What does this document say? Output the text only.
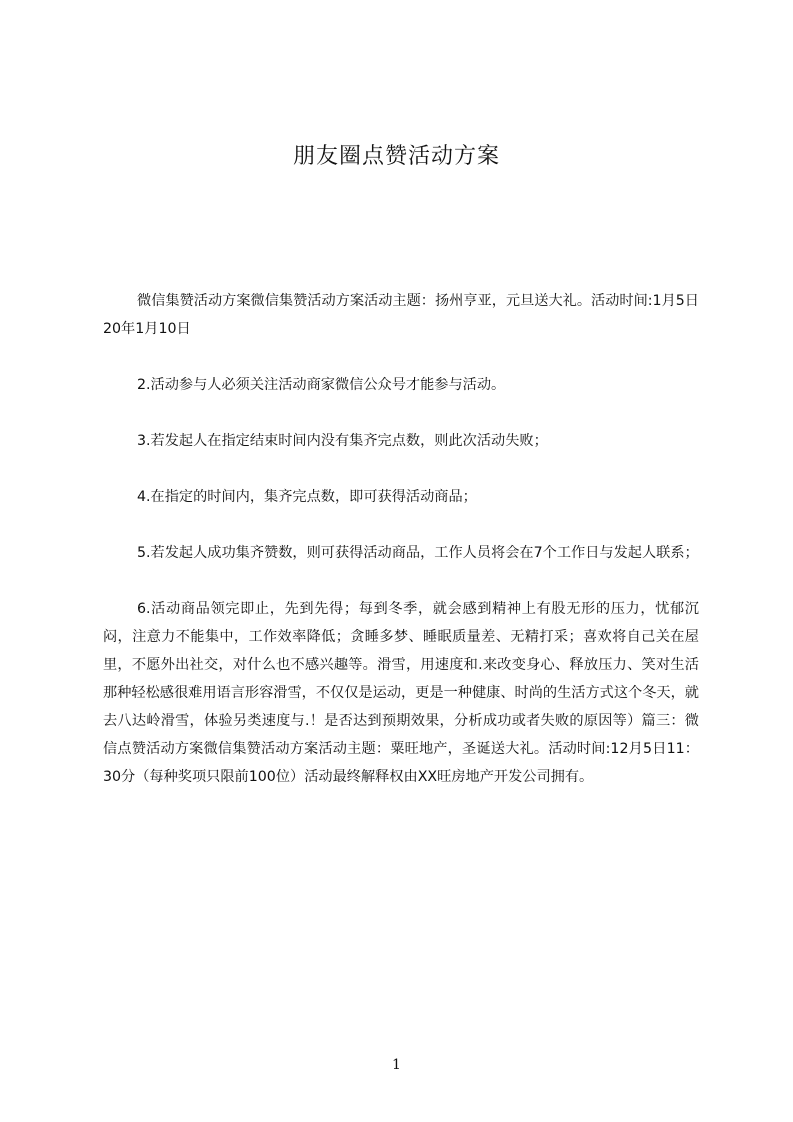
朋友圈点赞活动方案

微信集赞活动方案微信集赞活动方案活动主题：扬州亨亚，元旦送大礼。活动时间:1月5日20年1月10日

2.活动参与人必须关注活动商家微信公众号才能参与活动。

3.若发起人在指定结束时间内没有集齐完点数，则此次活动失败；

4.在指定的时间内，集齐完点数，即可获得活动商品；

5.若发起人成功集齐赞数，则可获得活动商品，工作人员将会在7个工作日与发起人联系；

6.活动商品领完即止，先到先得；每到冬季，就会感到精神上有股无形的压力，忧郁沉闷，注意力不能集中，工作效率降低；贪睡多梦、睡眠质量差、无精打采；喜欢将自己关在屋里，不愿外出社交，对什么也不感兴趣等。滑雪，用速度和.来改变身心、释放压力、笑对生活那种轻松感很难用语言形容滑雪，不仅仅是运动，更是一种健康、时尚的生活方式这个冬天，就去八达岭滑雪，体验另类速度与.！是否达到预期效果，分析成功或者失败的原因等）篇三：微信点赞活动方案微信集赞活动方案活动主题：粟旺地产，圣诞送大礼。活动时间:12月5日11：30分（每种奖项只限前100位）活动最终解释权由XX旺房地产开发公司拥有。

1
